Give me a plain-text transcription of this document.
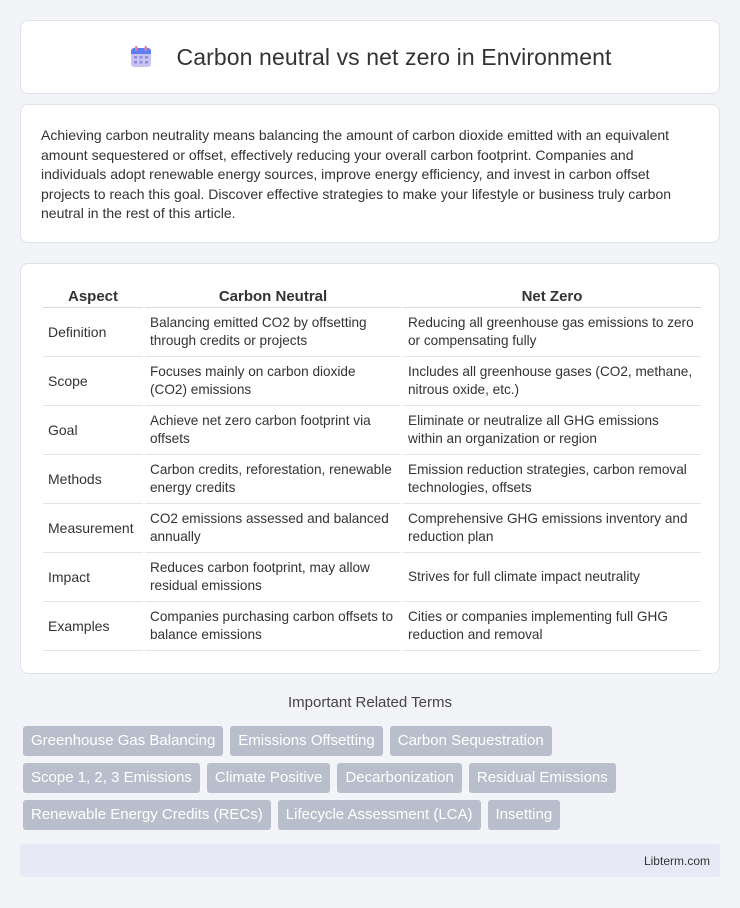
Carbon neutral vs net zero in Environment

Achieving carbon neutrality means balancing the amount of carbon dioxide emitted with an equivalent amount sequestered or offset, effectively reducing your overall carbon footprint. Companies and individuals adopt renewable energy sources, improve energy efficiency, and invest in carbon offset projects to reach this goal. Discover effective strategies to make your lifestyle or business truly carbon neutral in the rest of this article.

Aspect	Carbon Neutral	Net Zero
Definition	Balancing emitted CO2 by offsetting through credits or projects	Reducing all greenhouse gas emissions to zero or compensating fully
Scope	Focuses mainly on carbon dioxide (CO2) emissions	Includes all greenhouse gases (CO2, methane, nitrous oxide, etc.)
Goal	Achieve net zero carbon footprint via offsets	Eliminate or neutralize all GHG emissions within an organization or region
Methods	Carbon credits, reforestation, renewable energy credits	Emission reduction strategies, carbon removal technologies, offsets
Measurement	CO2 emissions assessed and balanced annually	Comprehensive GHG emissions inventory and reduction plan
Impact	Reduces carbon footprint, may allow residual emissions	Strives for full climate impact neutrality
Examples	Companies purchasing carbon offsets to balance emissions	Cities or companies implementing full GHG reduction and removal
Important Related Terms
Greenhouse Gas Balancing	Emissions Offsetting	Carbon Sequestration
Scope 1, 2, 3 Emissions	Climate Positive	Decarbonization	Residual Emissions
Renewable Energy Credits (RECs)	Lifecycle Assessment (LCA)	Insetting
Libterm.com
